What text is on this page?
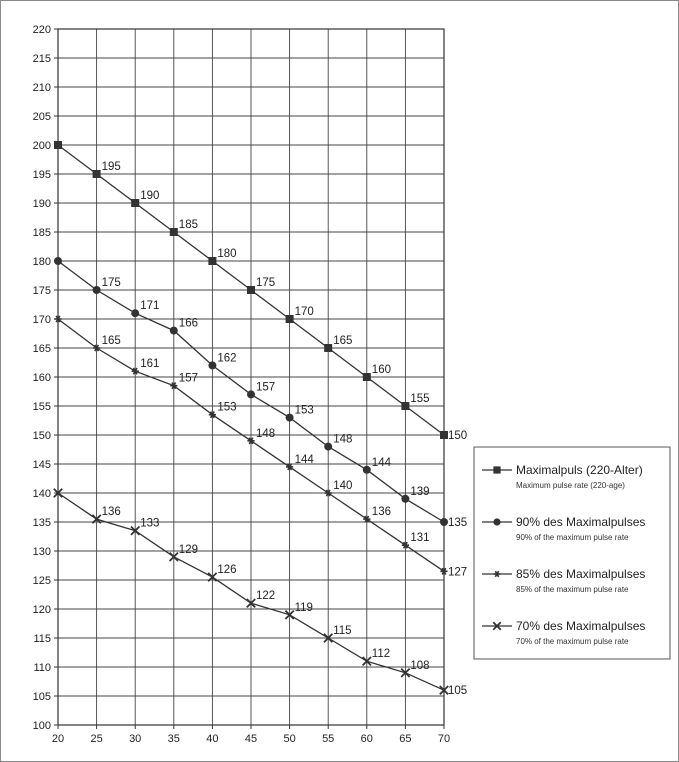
100
105
110
115
120
125
130
135
140
145
150
155
160
165
170
175
180
185
190
195
200
205
210
215
220
20 25 30 35 40 45 50 55 60 65 70
195
190
185
180
175
170
165
160
155
150
175
171
166
162
157
153
148
144
139
135
165
161
157
153
148
144
140
136
131
127
136
133
129
126
122
119
115
112
108
105
Maximalpuls (220-Alter)
Maximum pulse rate (220-age)
90% des Maximalpulses
90% of the maximum pulse rate
85% des Maximalpulses
85% of the maximum pulse rate
70% des Maximalpulses
70% of the maximum pulse rate
